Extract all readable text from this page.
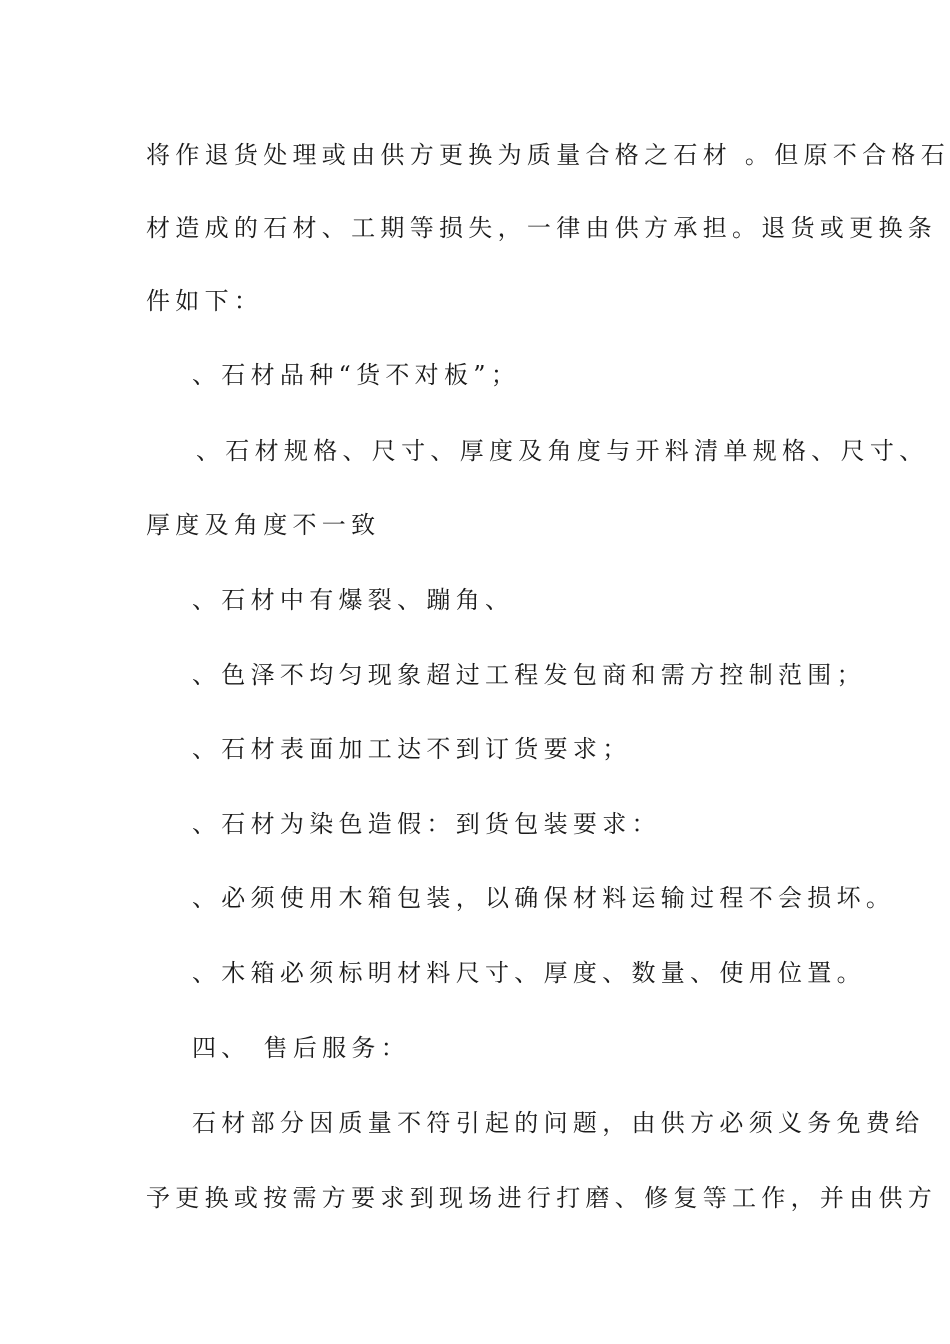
将作退货处理或由供方更换为质量合格之石材 。但原不合格石
材造成的石材、工期等损失，一律由供方承担。退货或更换条
件如下：
、石材品种“货不对板”；
、石材规格、尺寸、厚度及角度与开料清单规格、尺寸、
厚度及角度不一致
、石材中有爆裂、蹦角、
、色泽不均匀现象超过工程发包商和需方控制范围；
、石材表面加工达不到订货要求；
、石材为染色造假：到货包装要求：
、必须使用木箱包装，以确保材料运输过程不会损坏。
、木箱必须标明材料尺寸、厚度、数量、使用位置。
四、 售后服务：
石材部分因质量不符引起的问题，由供方必须义务免费给
予更换或按需方要求到现场进行打磨、修复等工作，并由供方
